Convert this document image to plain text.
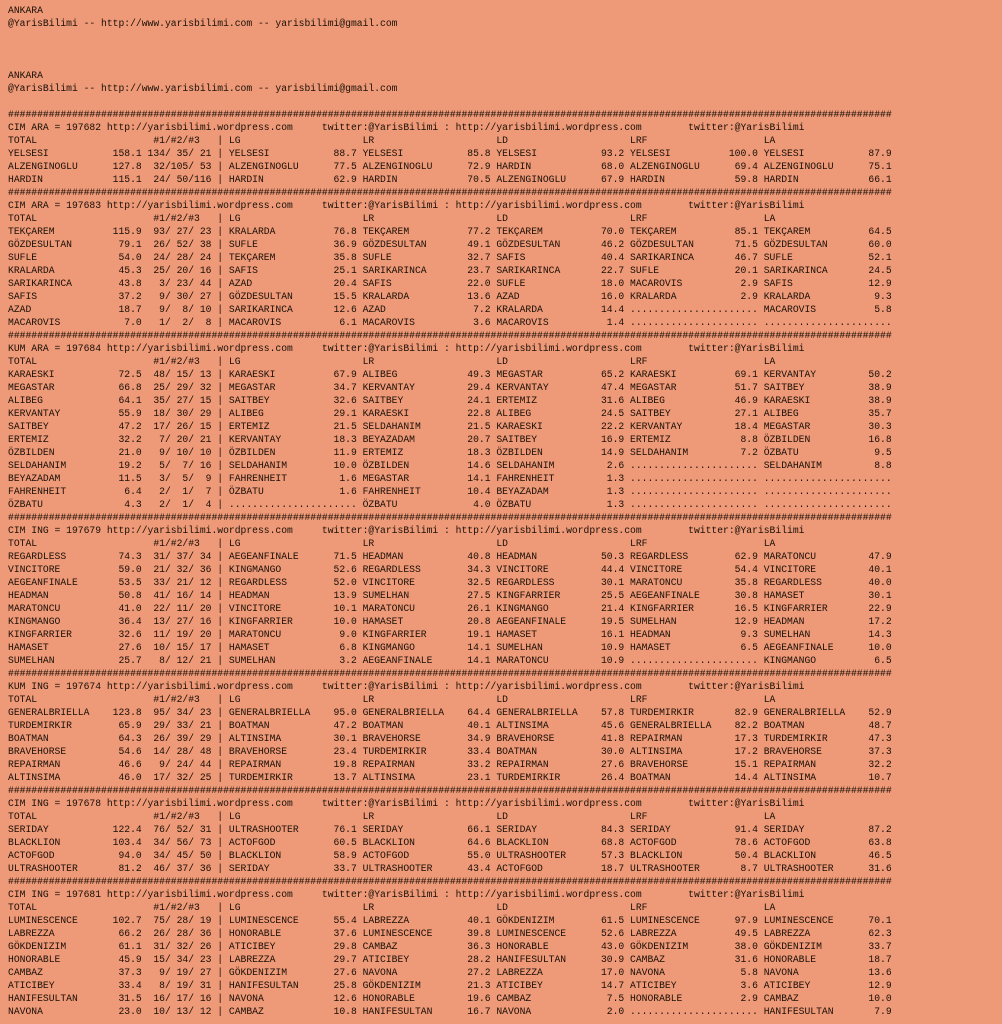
ANKARA
@YarisBilimi -- http://www.yarisbilimi.com -- yarisbilimi@gmail.com
ANKARA
@YarisBilimi -- http://www.yarisbilimi.com -- yarisbilimi@gmail.com
########################################################################################################################################################
CIM ARA = 197682 http://yarisbilimi.wordpress.com     twitter:@YarisBilimi : http://yarisbilimi.wordpress.com        twitter:@YarisBilimi
TOTAL                    #1/#2/#3   | LG                     LR                     LD                     LRF                    LA
YELSESI           158.1 134/ 35/ 21 | YELSESI           88.7 YELSESI           85.8 YELSESI           93.2 YELSESI          100.0 YELSESI           87.9
ALZENGINOGLU      127.8  32/105/ 53 | ALZENGINOGLU      77.5 ALZENGINOGLU      72.9 HARDIN            68.0 ALZENGINOGLU      69.4 ALZENGINOGLU      75.1
HARDIN            115.1  24/ 50/116 | HARDIN            62.9 HARDIN            70.5 ALZENGINOGLU      67.9 HARDIN            59.8 HARDIN            66.1
########################################################################################################################################################
CIM ARA = 197683 http://yarisbilimi.wordpress.com     twitter:@YarisBilimi : http://yarisbilimi.wordpress.com        twitter:@YarisBilimi
TOTAL                    #1/#2/#3   | LG                     LR                     LD                     LRF                    LA
TEKÇAREM          115.9  93/ 27/ 23 | KRALARDA          76.8 TEKÇAREM          77.2 TEKÇAREM          70.0 TEKÇAREM          85.1 TEKÇAREM          64.5
GÖZDESULTAN        79.1  26/ 52/ 38 | SUFLE             36.9 GÖZDESULTAN       49.1 GÖZDESULTAN       46.2 GÖZDESULTAN       71.5 GÖZDESULTAN       60.0
SUFLE              54.0  24/ 28/ 24 | TEKÇAREM          35.8 SUFLE             32.7 SAFIS             40.4 SARIKARINCA       46.7 SUFLE             52.1
KRALARDA           45.3  25/ 20/ 16 | SAFIS             25.1 SARIKARINCA       23.7 SARIKARINCA       22.7 SUFLE             20.1 SARIKARINCA       24.5
SARIKARINCA        43.8   3/ 23/ 44 | AZAD              20.4 SAFIS             22.0 SUFLE             18.0 MACAROVIS          2.9 SAFIS             12.9
SAFIS              37.2   9/ 30/ 27 | GÖZDESULTAN       15.5 KRALARDA          13.6 AZAD              16.0 KRALARDA           2.9 KRALARDA           9.3
AZAD               18.7   9/  8/ 10 | SARIKARINCA       12.6 AZAD               7.2 KRALARDA          14.4 ...................... MACAROVIS          5.8
MACAROVIS           7.0   1/  2/  8 | MACAROVIS          6.1 MACAROVIS          3.6 MACAROVIS          1.4 ...................... ......................
########################################################################################################################################################
KUM ARA = 197684 http://yarisbilimi.wordpress.com     twitter:@YarisBilimi : http://yarisbilimi.wordpress.com        twitter:@YarisBilimi
TOTAL                    #1/#2/#3   | LG                     LR                     LD                     LRF                    LA
KARAESKI           72.5  48/ 15/ 13 | KARAESKI          67.9 ALIBEG            49.3 MEGASTAR          65.2 KARAESKI          69.1 KERVANTAY         50.2
MEGASTAR           66.8  25/ 29/ 32 | MEGASTAR          34.7 KERVANTAY         29.4 KERVANTAY         47.4 MEGASTAR          51.7 SAITBEY           38.9
ALIBEG             64.1  35/ 27/ 15 | SAITBEY           32.6 SAITBEY           24.1 ERTEMIZ           31.6 ALIBEG            46.9 KARAESKI          38.9
KERVANTAY          55.9  18/ 30/ 29 | ALIBEG            29.1 KARAESKI          22.8 ALIBEG            24.5 SAITBEY           27.1 ALIBEG            35.7
SAITBEY            47.2  17/ 26/ 15 | ERTEMIZ           21.5 SELDAHANIM        21.5 KARAESKI          22.2 KERVANTAY         18.4 MEGASTAR          30.3
ERTEMIZ            32.2   7/ 20/ 21 | KERVANTAY         18.3 BEYAZADAM         20.7 SAITBEY           16.9 ERTEMIZ            8.8 ÖZBILDEN          16.8
ÖZBILDEN           21.0   9/ 10/ 10 | ÖZBILDEN          11.9 ERTEMIZ           18.3 ÖZBILDEN          14.9 SELDAHANIM         7.2 ÖZBATU             9.5
SELDAHANIM         19.2   5/  7/ 16 | SELDAHANIM        10.0 ÖZBILDEN          14.6 SELDAHANIM         2.6 ...................... SELDAHANIM         8.8
BEYAZADAM          11.5   3/  5/  9 | FAHRENHEIT         1.6 MEGASTAR          14.1 FAHRENHEIT         1.3 ...................... ......................
FAHRENHEIT          6.4   2/  1/  7 | ÖZBATU             1.6 FAHRENHEIT        10.4 BEYAZADAM          1.3 ...................... ......................
ÖZBATU              4.3   2/  1/  4 | ...................... ÖZBATU             4.0 ÖZBATU             1.3 ...................... ......................
########################################################################################################################################################
CIM ING = 197679 http://yarisbilimi.wordpress.com     twitter:@YarisBilimi : http://yarisbilimi.wordpress.com        twitter:@YarisBilimi
TOTAL                    #1/#2/#3   | LG                     LR                     LD                     LRF                    LA
REGARDLESS         74.3  31/ 37/ 34 | AEGEANFINALE      71.5 HEADMAN           40.8 HEADMAN           50.3 REGARDLESS        62.9 MARATONCU         47.9
VINCITORE          59.0  21/ 32/ 36 | KINGMANGO         52.6 REGARDLESS        34.3 VINCITORE         44.4 VINCITORE         54.4 VINCITORE         40.1
AEGEANFINALE       53.5  33/ 21/ 12 | REGARDLESS        52.0 VINCITORE         32.5 REGARDLESS        30.1 MARATONCU         35.8 REGARDLESS        40.0
HEADMAN            50.8  41/ 16/ 14 | HEADMAN           13.9 SUMELHAN          27.5 KINGFARRIER       25.5 AEGEANFINALE      30.8 HAMASET           30.1
MARATONCU          41.0  22/ 11/ 20 | VINCITORE         10.1 MARATONCU         26.1 KINGMANGO         21.4 KINGFARRIER       16.5 KINGFARRIER       22.9
KINGMANGO          36.4  13/ 27/ 16 | KINGFARRIER       10.0 HAMASET           20.8 AEGEANFINALE      19.5 SUMELHAN          12.9 HEADMAN           17.2
KINGFARRIER        32.6  11/ 19/ 20 | MARATONCU          9.0 KINGFARRIER       19.1 HAMASET           16.1 HEADMAN            9.3 SUMELHAN          14.3
HAMASET            27.6  10/ 15/ 17 | HAMASET            6.8 KINGMANGO         14.1 SUMELHAN          10.9 HAMASET            6.5 AEGEANFINALE      10.0
SUMELHAN           25.7   8/ 12/ 21 | SUMELHAN           3.2 AEGEANFINALE      14.1 MARATONCU         10.9 ...................... KINGMANGO          6.5
########################################################################################################################################################
KUM ING = 197674 http://yarisbilimi.wordpress.com     twitter:@YarisBilimi : http://yarisbilimi.wordpress.com        twitter:@YarisBilimi
TOTAL                    #1/#2/#3   | LG                     LR                     LD                     LRF                    LA
GENERALBRIELLA    123.8  95/ 34/ 23 | GENERALBRIELLA    95.0 GENERALBRIELLA    64.4 GENERALBRIELLA    57.8 TURDEMIRKIR       82.9 GENERALBRIELLA    52.9
TURDEMIRKIR        65.9  29/ 33/ 21 | BOATMAN           47.2 BOATMAN           40.1 ALTINSIMA         45.6 GENERALBRIELLA    82.2 BOATMAN           48.7
BOATMAN            64.3  26/ 39/ 29 | ALTINSIMA         30.1 BRAVEHORSE        34.9 BRAVEHORSE        41.8 REPAIRMAN         17.3 TURDEMIRKIR       47.3
BRAVEHORSE         54.6  14/ 28/ 48 | BRAVEHORSE        23.4 TURDEMIRKIR       33.4 BOATMAN           30.0 ALTINSIMA         17.2 BRAVEHORSE        37.3
REPAIRMAN          46.6   9/ 24/ 44 | REPAIRMAN         19.8 REPAIRMAN         33.2 REPAIRMAN         27.6 BRAVEHORSE        15.1 REPAIRMAN         32.2
ALTINSIMA          46.0  17/ 32/ 25 | TURDEMIRKIR       13.7 ALTINSIMA         23.1 TURDEMIRKIR       26.4 BOATMAN           14.4 ALTINSIMA         10.7
########################################################################################################################################################
CIM ING = 197678 http://yarisbilimi.wordpress.com     twitter:@YarisBilimi : http://yarisbilimi.wordpress.com        twitter:@YarisBilimi
TOTAL                    #1/#2/#3   | LG                     LR                     LD                     LRF                    LA
SERIDAY           122.4  76/ 52/ 31 | ULTRASHOOTER      76.1 SERIDAY           66.1 SERIDAY           84.3 SERIDAY           91.4 SERIDAY           87.2
BLACKLION         103.4  34/ 56/ 73 | ACTOFGOD          60.5 BLACKLION         64.6 BLACKLION         68.8 ACTOFGOD          78.6 ACTOFGOD          63.8
ACTOFGOD           94.0  34/ 45/ 50 | BLACKLION         58.9 ACTOFGOD          55.0 ULTRASHOOTER      57.3 BLACKLION         50.4 BLACKLION         46.5
ULTRASHOOTER       81.2  46/ 37/ 36 | SERIDAY           33.7 ULTRASHOOTER      43.4 ACTOFGOD          18.7 ULTRASHOOTER       8.7 ULTRASHOOTER      31.6
########################################################################################################################################################
CIM ING = 197681 http://yarisbilimi.wordpress.com     twitter:@YarisBilimi : http://yarisbilimi.wordpress.com        twitter:@YarisBilimi
TOTAL                    #1/#2/#3   | LG                     LR                     LD                     LRF                    LA
LUMINESCENCE      102.7  75/ 28/ 19 | LUMINESCENCE      55.4 LABREZZA          40.1 GÖKDENIZIM        61.5 LUMINESCENCE      97.9 LUMINESCENCE      70.1
LABREZZA           66.2  26/ 28/ 36 | HONORABLE         37.6 LUMINESCENCE      39.8 LUMINESCENCE      52.6 LABREZZA          49.5 LABREZZA          62.3
GÖKDENIZIM         61.1  31/ 32/ 26 | ATICIBEY          29.8 CAMBAZ            36.3 HONORABLE         43.0 GÖKDENIZIM        38.0 GÖKDENIZIM        33.7
HONORABLE          45.9  15/ 34/ 23 | LABREZZA          29.7 ATICIBEY          28.2 HANIFESULTAN      30.9 CAMBAZ            31.6 HONORABLE         18.7
CAMBAZ             37.3   9/ 19/ 27 | GÖKDENIZIM        27.6 NAVONA            27.2 LABREZZA          17.0 NAVONA             5.8 NAVONA            13.6
ATICIBEY           33.4   8/ 19/ 31 | HANIFESULTAN      25.8 GÖKDENIZIM        21.3 ATICIBEY          14.7 ATICIBEY           3.6 ATICIBEY          12.9
HANIFESULTAN       31.5  16/ 17/ 16 | NAVONA            12.6 HONORABLE         19.6 CAMBAZ             7.5 HONORABLE          2.9 CAMBAZ            10.0
NAVONA             23.0  10/ 13/ 12 | CAMBAZ            10.8 HANIFESULTAN      16.7 NAVONA             2.0 ...................... HANIFESULTAN       7.9
